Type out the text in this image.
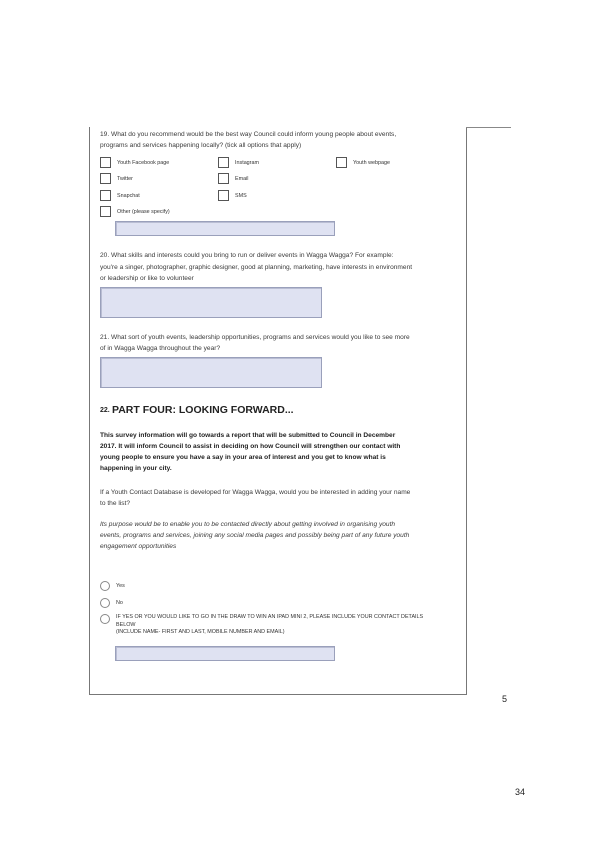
19. What do you recommend would be the best way Council could inform young people about events,
programs and services happening locally? (tick all options that apply)
Youth Facebook page	Instagram	Youth webpage
Twitter	Email
Snapchat	SMS
Other (please specify)
20. What skills and interests could you bring to run or deliver events in Wagga Wagga? For example:
you're a singer, photographer, graphic designer, good at planning, marketing, have interests in environment
or leadership or like to volunteer
21. What sort of youth events, leadership opportunities, programs and services would you like to see more
of in Wagga Wagga throughout the year?
22. PART FOUR: LOOKING FORWARD...
This survey information will go towards a report that will be submitted to Council in December
2017. It will inform Council to assist in deciding on how Council will strengthen our contact with
young people to ensure you have a say in your area of interest and you get to know what is
happening in your city.
If a Youth Contact Database is developed for Wagga Wagga, would you be interested in adding your name
to the list?
Its purpose would be to enable you to be contacted directly about getting involved in organising youth
events, programs and services, joining any social media pages and possibly being part of any future youth
engagement opportunities
Yes
No
IF YES OR YOU WOULD LIKE TO GO IN THE DRAW TO WIN AN IPAD MINI 2, PLEASE INCLUDE YOUR CONTACT DETAILS
BELOW
(INCLUDE NAME- FIRST AND LAST, MOBILE NUMBER AND EMAIL)
5
34
